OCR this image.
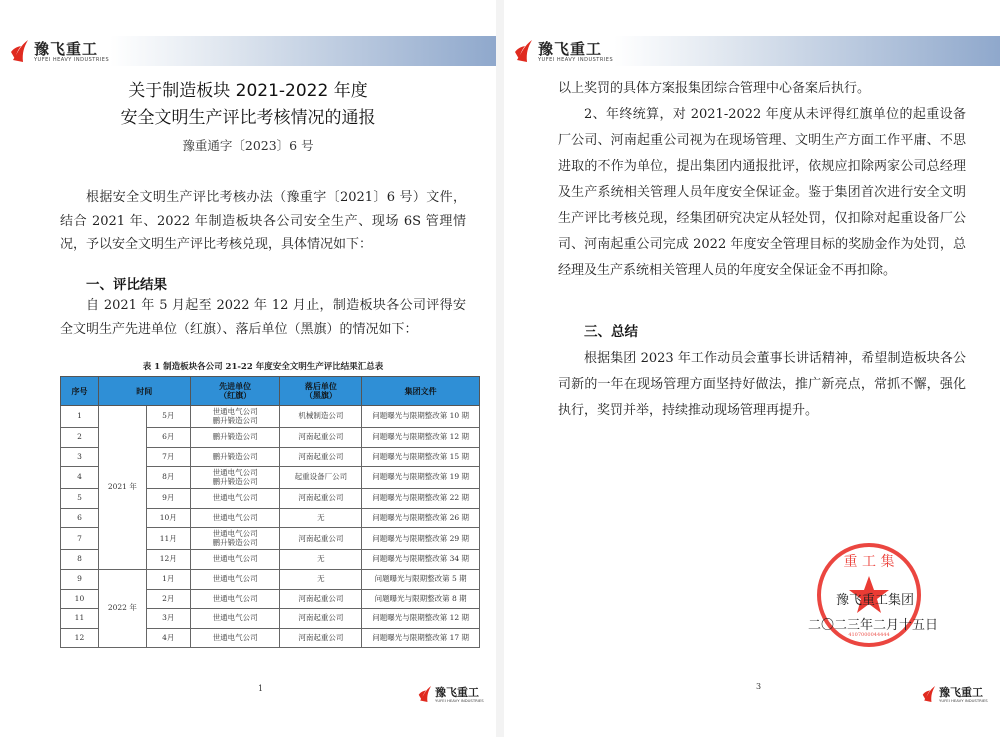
豫飞重工
YUFEI HEAVY INDUSTRIES
关于制造板块 2021-2022 年度
安全文明生产评比考核情况的通报
豫重通字〔2023〕6 号
根据安全文明生产评比考核办法（豫重字〔2021〕6 号）文件，结合 2021 年、2022 年制造板块各公司安全生产、现场 6S 管理情况，予以安全文明生产评比考核兑现，具体情况如下：
一、评比结果
自 2021 年 5 月起至 2022 年 12 月止，制造板块各公司评得安全文明生产先进单位（红旗）、落后单位（黑旗）的情况如下：
表 1 制造板块各公司 21-22 年度安全文明生产评比结果汇总表
序号	时间		先进单位
（红旗）	落后单位
（黑旗）	集团文件
1	2021 年	5月	世通电气公司
鹏升锻造公司	机械制造公司	问题曝光与限期整改第 10 期
2		6月	鹏升锻造公司	河南起重公司	问题曝光与限期整改第 12 期
3		7月	鹏升锻造公司	河南起重公司	问题曝光与限期整改第 15 期
4		8月	世通电气公司
鹏升锻造公司	起重设备厂公司	问题曝光与限期整改第 19 期
5		9月	世通电气公司	河南起重公司	问题曝光与限期整改第 22 期
6		10月	世通电气公司	无	问题曝光与限期整改第 26 期
7		11月	世通电气公司
鹏升锻造公司	河南起重公司	问题曝光与限期整改第 29 期
8		12月	世通电气公司	无	问题曝光与限期整改第 34 期
9	2022 年	1月	世通电气公司	无	问题曝光与限期整改第 5 期
10		2月	世通电气公司	河南起重公司	问题曝光与限期整改第 8 期
11		3月	世通电气公司	河南起重公司	问题曝光与限期整改第 12 期
12		4月	世通电气公司	河南起重公司	问题曝光与限期整改第 17 期
1	豫飞重工
YUFEI HEAVY INDUSTRIES
豫飞重工
YUFEI HEAVY INDUSTRIES
以上奖罚的具体方案报集团综合管理中心备案后执行。
2、年终统算，对 2021-2022 年度从未评得红旗单位的起重设备厂公司、河南起重公司视为在现场管理、文明生产方面工作平庸、不思进取的不作为单位，提出集团内通报批评，依规应扣除两家公司总经理及生产系统相关管理人员年度安全保证金。鉴于集团首次进行安全文明生产评比考核兑现，经集团研究决定从轻处罚，仅扣除对起重设备厂公司、河南起重公司完成 2022 年度安全管理目标的奖励金作为处罚，总经理及生产系统相关管理人员的年度安全保证金不再扣除。
三、总结
根据集团 2023 年工作动员会董事长讲话精神，希望制造板块各公司新的一年在现场管理方面坚持好做法，推广新亮点，常抓不懈，强化执行，奖罚并举，持续推动现场管理再提升。
重 工 集
4107000044444
豫飞重工集团
二〇二三年二月十五日
3	豫飞重工
YUFEI HEAVY INDUSTRIES
